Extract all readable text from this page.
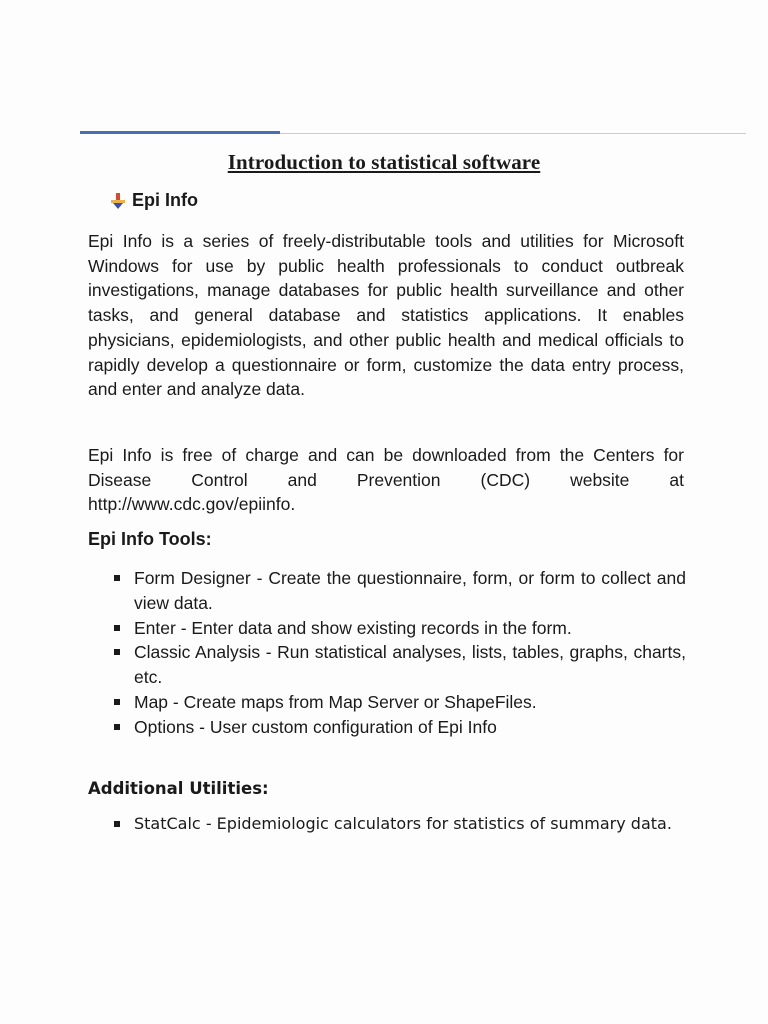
Introduction to statistical software
Epi Info

Epi Info is a series of freely-distributable tools and utilities for Microsoft Windows for use by public health professionals to conduct outbreak investigations, manage databases for public health surveillance and other tasks, and general database and statistics applications. It enables physicians, epidemiologists, and other public health and medical officials to rapidly develop a questionnaire or form, customize the data entry process, and enter and analyze data.

Epi Info is free of charge and can be downloaded from the Centers for Disease Control and Prevention (CDC) website at http://www.cdc.gov/epiinfo.

Epi Info Tools:
Form Designer - Create the questionnaire, form, or form to collect and view data.
Enter - Enter data and show existing records in the form.
Classic Analysis - Run statistical analyses, lists, tables, graphs, charts, etc.
Map - Create maps from Map Server or ShapeFiles.
Options - User custom configuration of Epi Info
Additional Utilities:
StatCalc - Epidemiologic calculators for statistics of summary data.
